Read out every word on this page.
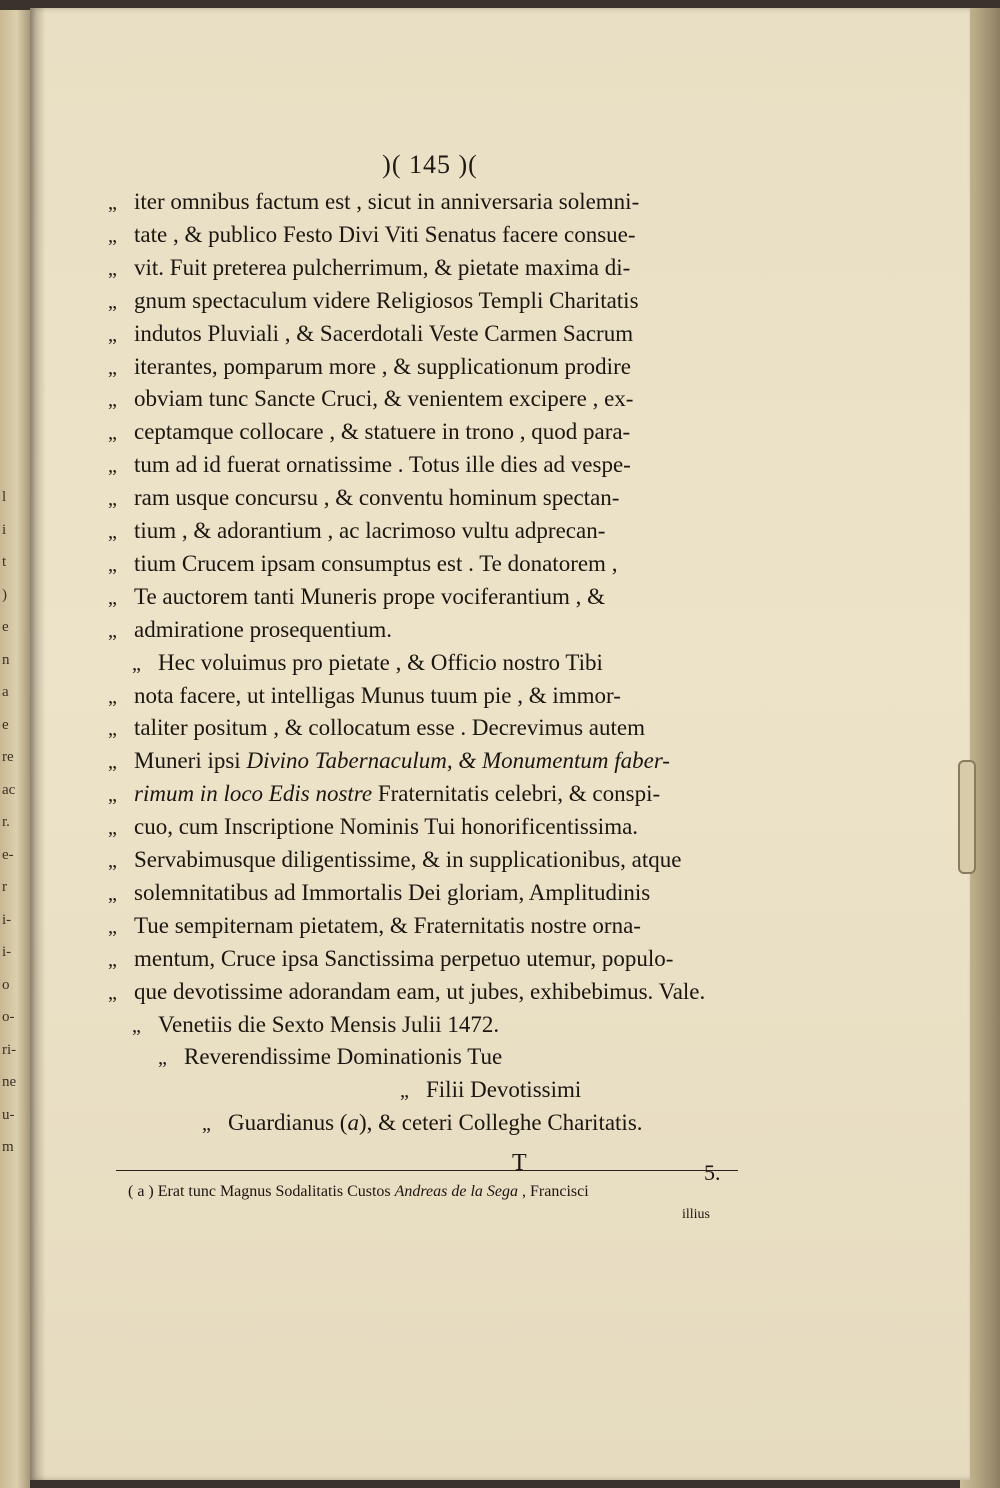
l
i
t
)
e
n
a
e
re
ac
r.
e-
r
i-
i-
o
o-
ri-
ne
u-
m
)( 145 )(
„ iter omnibus factum est , sicut in anniversaria solemni-
„ tate , & publico Festo Divi Viti Senatus facere consue-
„ vit. Fuit preterea pulcherrimum, & pietate maxima di-
„ gnum spectaculum videre Religiosos Templi Charitatis
„ indutos Pluviali , & Sacerdotali Veste Carmen Sacrum
„ iterantes, pomparum more , & supplicationum prodire
„ obviam tunc Sancte Cruci, & venientem excipere , ex-
„ ceptamque collocare , & statuere in trono , quod para-
„ tum ad id fuerat ornatissime . Totus ille dies ad vespe-
„ ram usque concursu , & conventu hominum spectan-
„ tium , & adorantium , ac lacrimoso vultu adprecan-
„ tium Crucem ipsam consumptus est . Te donatorem ,
„ Te auctorem tanti Muneris prope vociferantium , &
„ admiratione prosequentium.
„ Hec voluimus pro pietate , & Officio nostro Tibi
„ nota facere, ut intelligas Munus tuum pie , & immor-
„ taliter positum , & collocatum esse . Decrevimus autem
„ Muneri ipsi Divino Tabernaculum, & Monumentum faber-
„ rimum in loco Edis nostre Fraternitatis celebri, & conspi-
„ cuo, cum Inscriptione Nominis Tui honorificentissima.
„ Servabimusque diligentissime, & in supplicationibus, atque
„ solemnitatibus ad Immortalis Dei gloriam, Amplitudinis
„ Tue sempiternam pietatem, & Fraternitatis nostre orna-
„ mentum, Cruce ipsa Sanctissima perpetuo utemur, populo-
„ que devotissime adorandam eam, ut jubes, exhibebimus. Vale.
„ Venetiis die Sexto Mensis Julii 1472.
„ Reverendissime Dominationis Tue
„ Filii Devotissimi
„ Guardianus (a), & ceteri Colleghe Charitatis.
T	5.
( a ) Erat tunc Magnus Sodalitatis Custos Andreas de la Sega , Francisci
illius
